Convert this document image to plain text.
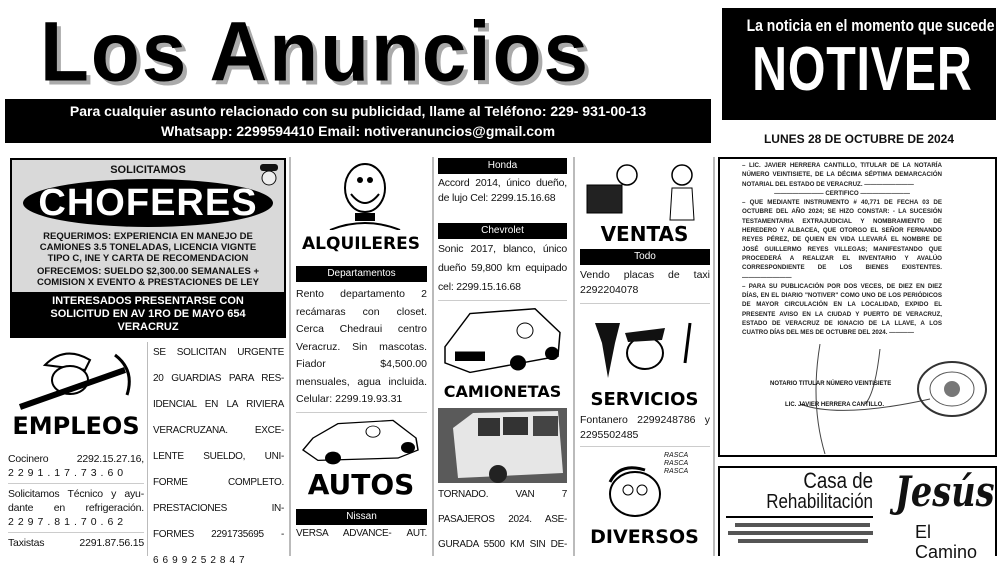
Los Anuncios
Para cualquier asunto relacionado con su publicidad, llame al Teléfono: 229- 931-00-13
Whatsapp: 2299594410 Email: notiveranuncios@gmail.com
La noticia en el momento que sucede
NOTIVER
LUNES 28 DE OCTUBRE DE 2024
SOLICITAMOS
CHOFERES
REQUERIMOS: EXPERIENCIA EN MANEJO DE
CAMIONES 3.5 TONELADAS, LICENCIA VIGNTE
TIPO C, INE Y CARTA DE RECOMENDACION
OFRECEMOS: SUELDO $2,300.00 SEMANALES +
COMISION X EVENTO & PRESTACIONES DE LEY
INTERESADOS PRESENTARSE CON
SOLICITUD EN AV 1RO DE MAYO 654
VERACRUZ
EMPLEOS
Cocinero 2292.15.27.16,
2291.17.73.60
Solicitamos Técnico y ayu-
dante en refrigeración.
2297.81.70.62
Taxistas 2291.87.56.15
SE SOLICITAN URGENTE
20 GUARDIAS PARA RES-
IDENCIAL EN LA RIVIERA
VERACRUZANA. EXCE-
LENTE SUELDO, UNI-
FORME COMPLETO.
PRESTACIONES IN-
FORMES 2291735695 -
6699252847
ALQUILERES
Departamentos
Rento departamento 2 recámaras con closet. Cerca Chedraui centro Veracruz. Sin mascotas. Fiador $4,500.00 mensuales, agua incluida. Celular: 2299.19.93.31
AUTOS
Nissan
VERSA ADVANCE- AUT.
Honda
Accord 2014, único dueño, de lujo Cel: 2299.15.16.68
Chevrolet
Sonic 2017, blanco, único
dueño 59,800 km equipado
cel: 2299.15.16.68
CAMIONETAS
TORNADO. VAN 7
PASAJEROS 2024. ASE-
GURADA 5500 KM SIN DE-
VENTAS
Todo
Vendo placas de taxi 2292204078
SERVICIOS
Fontanero 2299248786 y 2295502485
RASCA RASCA RASCA
DIVERSOS
– LIC. JAVIER HERRERA CANTILLO, TITULAR DE LA NOTARÍA NÚMERO VEINTISIETE, DE LA DÉCIMA SÉPTIMA DEMARCACIÓN NOTARIAL DEL ESTADO DE VERACRUZ. ————————
———————— CERTIFICO ————————
– QUE MEDIANTE INSTRUMENTO # 40,771 DE FECHA 03 DE OCTUBRE DEL AÑO 2024; SE HIZO CONSTAR: - LA SUCESIÓN TESTAMENTARIA EXTRAJUDICIAL Y NOMBRAMIENTO DE HEREDERO Y ALBACEA, QUE OTORGO EL SEÑOR FERNANDO REYES PÉREZ, DE QUIEN EN VIDA LLEVARÁ EL NOMBRE DE JOSÉ GUILLERMO REYES VILLEGAS; MANIFESTANDO QUE PROCEDERÁ A REALIZAR EL INVENTARIO Y AVALÚO CORRESPONDIENTE DE LOS BIENES EXISTENTES. ————————
– PARA SU PUBLICACIÓN POR DOS VECES, DE DIEZ EN DIEZ DÍAS, EN EL DIARIO "NOTIVER" COMO UNO DE LOS PERIÓDICOS DE MAYOR CIRCULACIÓN EN LA LOCALIDAD, EXPIDO EL PRESENTE AVISO EN LA CIUDAD Y PUERTO DE VERACRUZ, ESTADO DE VERACRUZ DE IGNACIO DE LA LLAVE, A LOS CUATRO DÍAS DEL MES DE OCTUBRE DEL 2024. ————
NOTARIO TITULAR NÚMERO VEINTISIETE
LIC. JAVIER HERRERA CANTILLO.
Casa de
Rehabilitación Jesús
El Camino
